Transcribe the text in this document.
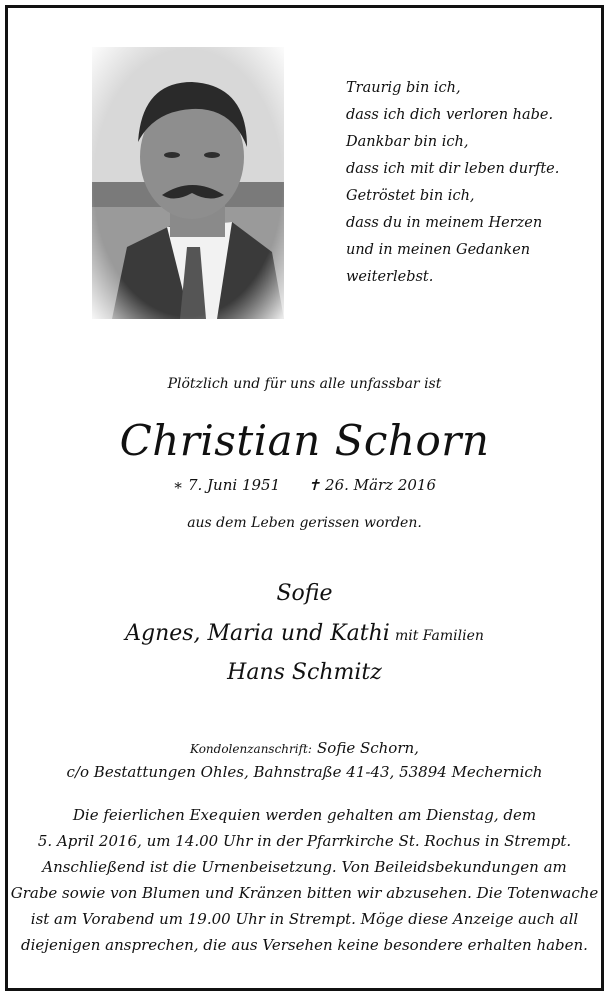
Traurig bin ich,
dass ich dich verloren habe.
Dankbar bin ich,
dass ich mit dir leben durfte.
Getröstet bin ich,
dass du in meinem Herzen
und in meinen Gedanken
weiterlebst.
Plötzlich und für uns alle unfassbar ist
Christian Schorn
∗ 7. Juni 1951 ✝ 26. März 2016
aus dem Leben gerissen worden.
Sofie
Agnes, Maria und Kathi mit Familien
Hans Schmitz
Kondolenzanschrift: Sofie Schorn,
c/o Bestattungen Ohles, Bahnstraße 41-43, 53894 Mechernich
Die feierlichen Exequien werden gehalten am Dienstag, dem
5. April 2016, um 14.00 Uhr in der Pfarrkirche St. Rochus in Strempt.
Anschließend ist die Urnenbeisetzung. Von Beileidsbekundungen am
Grabe sowie von Blumen und Kränzen bitten wir abzusehen. Die Totenwache
ist am Vorabend um 19.00 Uhr in Strempt. Möge diese Anzeige auch all
diejenigen ansprechen, die aus Versehen keine besondere erhalten haben.
